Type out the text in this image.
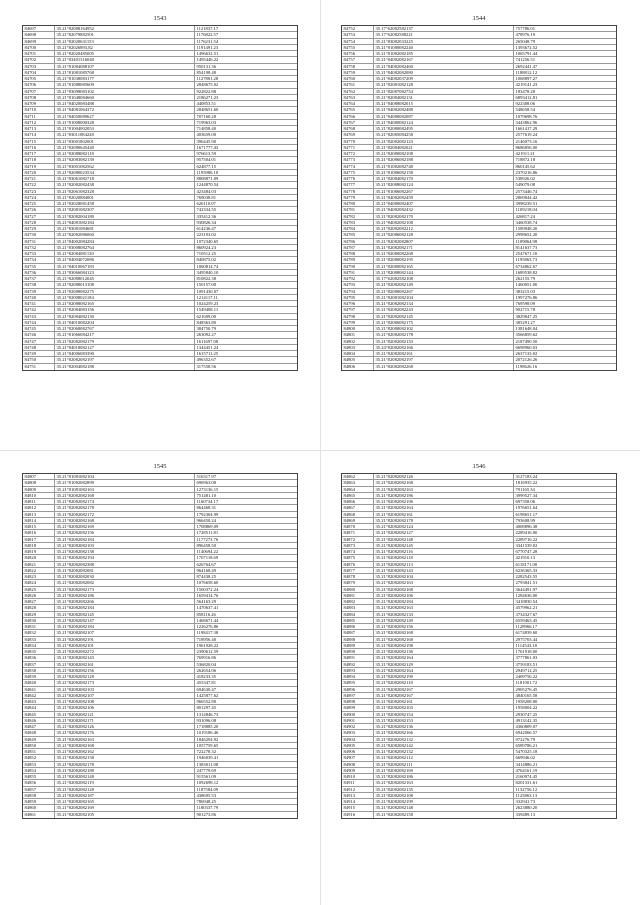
1543
84697	35.21°82088164952	1121837.17
84698	35.21°82079882501	1176822.57
84699	35.21°82020631153	1176231.54
84700	35.21°82026893,82	1191491.23
84701	35.21°82020485005	1496632.51
84702	35.21°83401316040	1495446.22
84703	35.21°81084088107	950131.36
84704	35.21°81081085768	854198.48
84705	35.21°81038083177	1127801.28
84706	35.21°81088085609	2848675.02
84707	35.21°83098083102	922822.88
84708	35.21°81048084660	2186271.23
84709	35.21°84020083488	440853.51
84710	35.21°84081064372	2848651.60
84711	35.21°84050089627	707160.28
84712	35.21°81008000328	719963.03
84713	35.21°81004002053	714858.40
84714	35.21°83011084228	403659.00
84715	35.21°83001802001	396445.90
84716	35.21°82080645440	1671777.43
84717	35.21°82088082118	976613.59
84718	35.21°82083082139	957504.01
84719	35.21°83001082562	624877.15
84720	35.21°82080023534	1195986.10
84721	35.21°83061082718	8808871.09
84722	35.21°82082082438	1244870.54
84723	35.21°82061082328	423484.03
84724	35.21°82020884001	769038.81
84725	35.21°82028081458	626110.07
84726	35.21°82081082307	742334.55
84727	35.21°82082004180	335412.36
84728	35.21°84081082184	930826.34
84729	35.21°83081084681	614236.47
84730	35.21°82082086060	223193.02
84731	35.21°84002084284	1072340.65
84732	35.21°83008082764	860924.23
84733	35.21°82084081130	710512.25
84734	35.21°84004072086	840875.02
84735	35.21°84010067183	1060814.74
84736	35.21°83066084123	3495840.10
84737	35.21°82088012045	810822.38
84738	35.21°82088013108	150157.00
84739	35.21°82088082275	1091430.07
84740	35.21°82008021184	1214117.11
84741	35.21°82088082165	1024259.23
84742	35.21°82084083156	1549408.11
84743	35.21°82084082130	621699.00
84744	35.21°84010082204	848363.80
84745	35.21°82068082767	384750.79
84746	35.21°81066084217	263092.27
84747	35.21°82082082179	1611697.08
84748	35.21°84018082127	1344451.24
84749	35.21°84006083390	1615711.25
84750	35.21°82082082197	496352.67
84751	35.21°82004082188	317558.56
1544
84752	35.17°62082582137	757786.01
84753	35.17°62082588221	478976.19
84754	35.21°83082033225	265048.79
84755	35.21°81080082240	1393672.52
84756	35.21°81082082185	1065791.44
84757	35.21°84082082167	741256.51
84758	35.21°84082082460	2692441.47
84759	35.21°84082082080	1188812.12
84760	35.21°84082037209	1068897.27
84761	35.21°82081082128	4219141.23
84762	35.21°82087082754	183478.28
84763	35.21°82084082131	6893412.81
84764	35.21°84088082015	922308.06
84765	35.21°84082082488	548658.54
84766	35.21°84080082087	1079698.76
84767	35.21°84080082124	3443862.96
84768	35.21°82080082495	1661417.29
84769	35.21°82085084258	2577619.24
84770	35.21°82082082123	2146073.16
84771	35.21°82084082021	8686856.00
84772	35.21°82080082108	421911.21
84773	35.21°82086082188	718872.18
84774	35.21°81082082748	860145.62
84775	35.21°81086082158	2370216.86
84776	35.21°82084082170	538926.02
84777	35.21°82088082124	549079.08
84778	35.21°81086082267	2573446.74
84779	35.21°84082082459	2869844.42
84780	35.21°84080082407	3998239.51
84781	35.21°84082082432	1109218.04
84782	35.21°82082082170	426817.24
84783	35.21°84082082108	3460538.74
84784	35.21°82082082212	1589948.20
84785	35.21°82086082128	2998652.20
84786	35.21°82082082807	1109864.98
84787	35.21°82082082171	8141637.73
84788	35.21°82080082268	2547671.10
84789	35.21°82080082195	1195863.73
84790	35.21°82080082165	6734862.67
84791	35.21°82088082144	1689538.82
84792	35.17°62082582108	262155.79
84793	35.21°82082082149	1460051.00
84794	35.21°82080082267	383215.03
84795	35.21°82081082104	1997276.86
84796	35.21°82082082134	769598.09
84797	35.21°82082082243	902715.78
84798	35.21°82082082145	3829847.25
84799	35.21°82086082175	385291.27
84800	35.21°82080082102	1381648.04
84801	35.21°82082082178	3566859.62
84802	35.21°82082082133	2187490.50
84803	35.24°82082082166	6698960.03
84804	35.21°82082082161	2637133.02
84805	35.21°82082082197	2072126.26
84806	35.21°82082082268	1198626.16
1545
84807	35.21°81081082104	516317.97
84808	35.21°81082082899	696963.08
84809	35.21°81081082163	1273136.15
84810	35.21°82082082168	751481.10
84811	35.21°82082082174	1160734.17
84812	35.21°82082082178	864468.31
84813	35.21°82082082172	1792304.99
84814	35.21°82082082168	966450.24
84815	35.21°82082082169	1708869.09
84816	35.21°82082082156	1728511.81
84817	35.21°82082082184	1177273.76
84818	35.21°82082082103	896458.50
84819	35.21°82082082138	1140694.22
84820	35.21°82082082194	1707118.69
84821	35.21°82082082388	626764.67
84822	35.21°82082082081	964168.49
84823	35.21°82082082030	874438.25
84824	35.21°82082082082	1076658.60
84825	35.21°82082082173	1500372.24
84826	35.21°82082082186	1659414.76
84827	35.21°82082082266	564163.29
84828	35.21°82082082184	1470637.41
84829	35.21°82082082145	858116.26
84830	35.21°82082082147	1468671.44
84831	35.21°82082082184	1226276.86
84832	35.21°82082082107	1198417.38
84833	35.21°82082082191	718956.40
84834	35.21°82082082101	1961928.22
84835	35.21°82082082272	2390612.59
84836	35.21°82082082143	769916.86
84837	35.21°82082082161	536820.04
84838	35.21°82082082156	262654.06
84839	35.21°82082082128	418233.35
84840	35.21°82082082173	455347.81
84841	35.21°82082082103	694630.47
84842	35.21°82082082107	1425877.62
84843	35.21°82082082108	966552.80
84844	35.21°82082082106	801297.45
84845	35.21°82082082121	1314846.73
84846	35.21°82082082171	931096.08
84847	35.21°82082082126	1718885.20
84848	35.21°82082082176	1019186.46
84849	35.21°82082082163	1846294.92
84850	35.21°82082082168	1057759.65
84851	35.21°82082082162	722278.32
84852	35.21°82082082158	1946039.41
84853	35.21°82082082178	1383011.08
84854	35.21°82082082188	247779.69
84855	35.21°82082082148	915561.09
84856	35.21°82082082119	1092698.12
84857	35.21°82082082128	1187584.09
84858	35.21°82082082187	438695.53
84859	35.21°82082082165	786948.25
84860	35.21°82082082169	1180337.79
84861	35.21°82082082105	901273.86
1546
84862	35.21°82082082126	3127183.24
84863	35.21°82082082168	1816935.22
84864	35.21°82082082163	791165.34
84865	35.21°82082082186	3999527.34
84866	35.21°82082082196	697358.06
84867	35.21°82082082164	1976651.64
84868	35.21°82082082161	6198651.17
84869	35.21°82082082178	793608.99
84870	35.21°82082082124	4008896.38
84871	35.21°82082082127	2289416.00
84872	35.21°82082082148	2289716.22
84873	35.21°82082082145	3341539.02
84874	35.21°82082082116	6770747.28
84875	35.21°82082082118	421910.13
84876	35.21°82082082113	6118171.00
84877	35.21°82082082143	6236365.33
84878	35.21°82082082104	2282543.55
84879	35.21°82082082163	2793841.51
84880	35.21°82082082168	3644491.97
84881	35.21°82082082106	1284636.00
84882	35.21°82082082184	3418830.54
84883	35.21°82082082163	4579962.21
84884	35.21°82082082133	3734327.67
84885	35.21°82082082149	6559463.45
84886	35.21°82082082156	1128966.17
84887	35.21°82082082168	6174839.60
84888	35.21°82082082168	2975703.44
84889	35.21°82082082198	1114543.18
84890	35.21°82082082136	1761918.00
84891	35.21°82082082164	3777861.03
84892	35.21°82082082129	3759183.51
84893	35.21°82082082164	2949712.25
84894	35.21°82082082199	2409756.22
84895	35.21°82082082118	1181001.72
84896	35.21°82082082167	2905276.45
84897	35.21°82082082167	4840165.58
84898	35.21°82082082161	1958208.00
84899	35.21°82082082103	1958004.22
84900	35.21°82082082154	2930747.25
84901	35.21°82082082153	4913142.35
84902	35.21°82082082136	4360809.07
84903	35.21°82082082166	6942066.57
84904	35.21°82082082132	972276.79
84905	35.21°82082082142	6589786.21
84906	35.21°82082082132	5470325.18
84907	35.21°82082082112	669946.02
84908	35.21°82082082111	3414886.21
84909	35.21°82082082169	4764161.19
84910	35.21°82082082186	2160974.45
84911	35.21°82082082163	8201331.61
84912	35.21°82082082135	1132756.12
84913	35.21°82082082108	1125863.13
84914	35.21°82082082199	332941.73
84915	35.21°82082082148	2623880.20
84916	35.21°82082082158	339489.13
